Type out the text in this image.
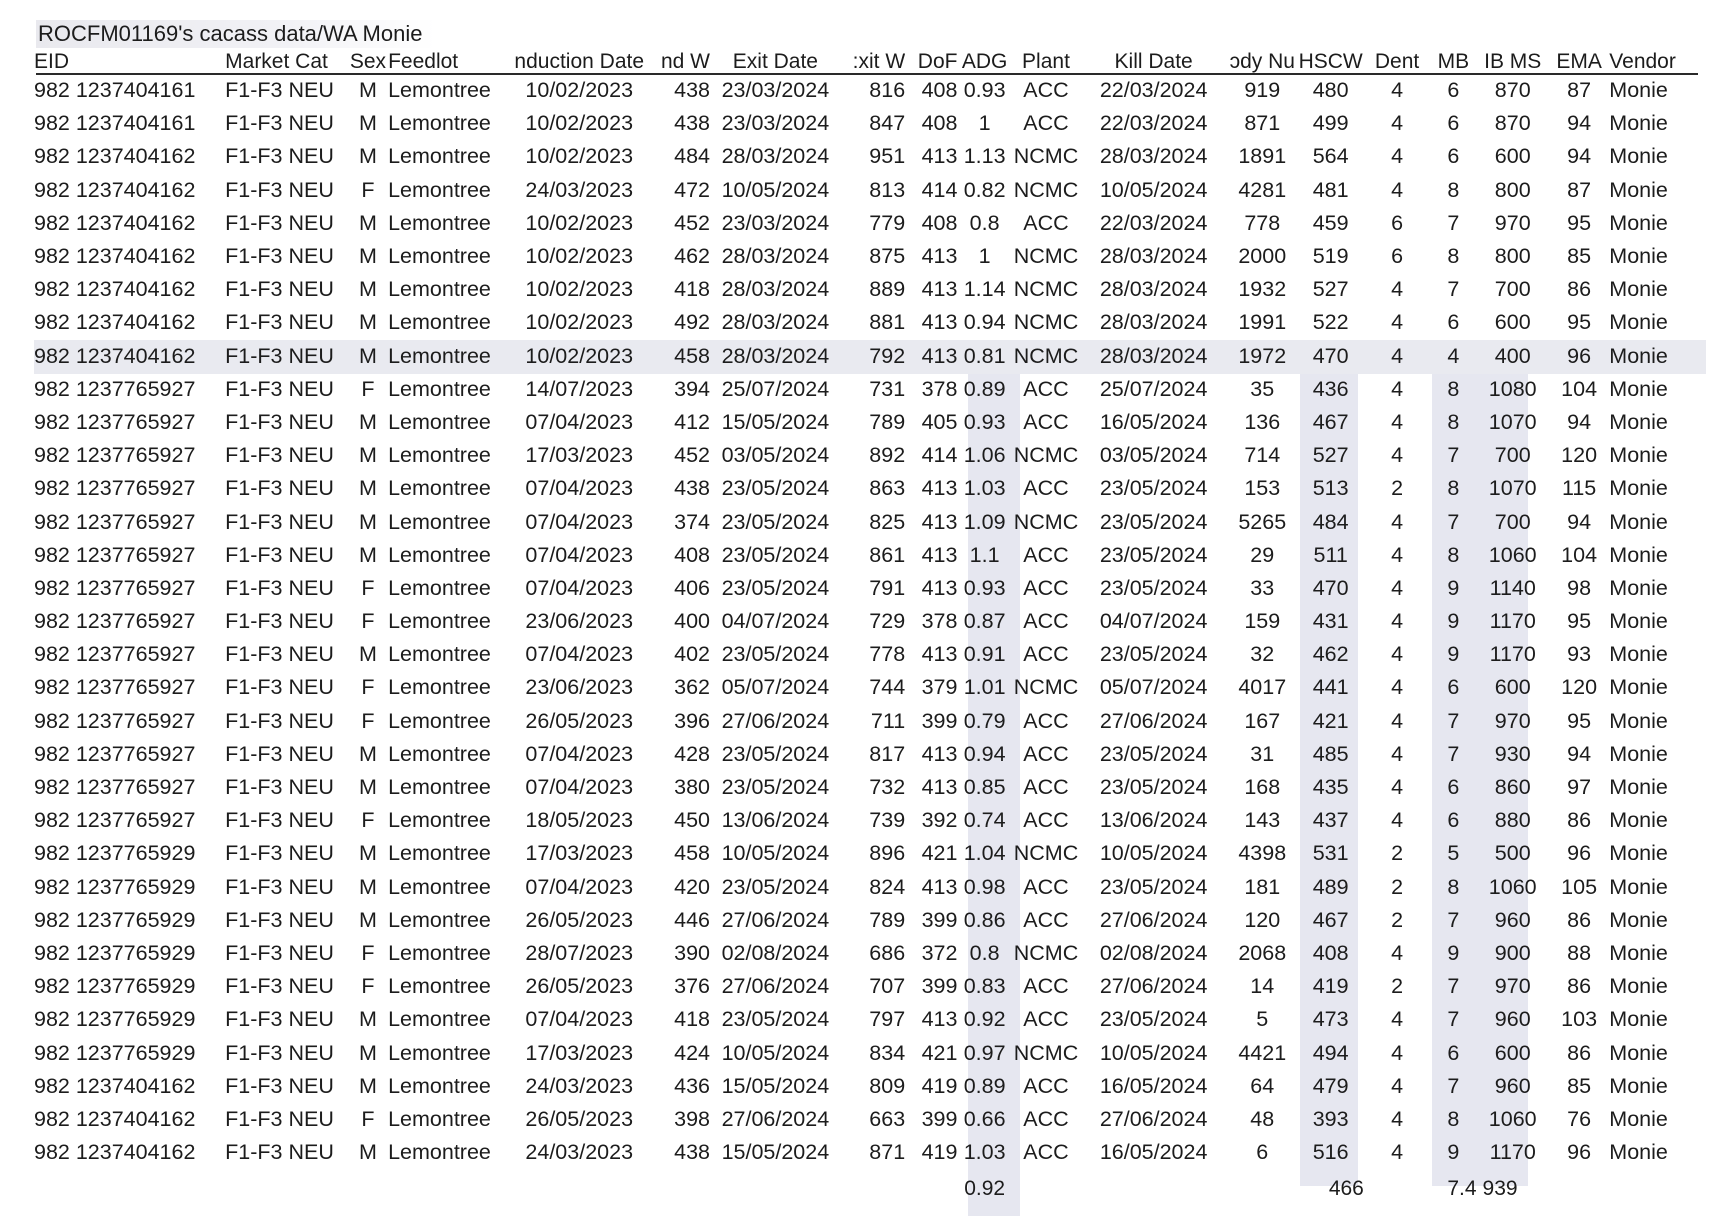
ROCFM01169's cacass data/WA Monie
EID	Market Cat	Sex	Feedlot	nduction Date	nd W	Exit Date	:xit W	DoF	ADG	Plant	Kill Date	ɔdy Nu	HSCW	Dent	MB	IB MS	EMA	Vendor
982 1237404161	F1-F3 NEU	M	Lemontree	10/02/2023	438	23/03/2024	816	408	0.93	ACC	22/03/2024	919	480	4	6	870	87	Monie
982 1237404161	F1-F3 NEU	M	Lemontree	10/02/2023	438	23/03/2024	847	408	1	ACC	22/03/2024	871	499	4	6	870	94	Monie
982 1237404162	F1-F3 NEU	M	Lemontree	10/02/2023	484	28/03/2024	951	413	1.13	NCMC	28/03/2024	1891	564	4	6	600	94	Monie
982 1237404162	F1-F3 NEU	F	Lemontree	24/03/2023	472	10/05/2024	813	414	0.82	NCMC	10/05/2024	4281	481	4	8	800	87	Monie
982 1237404162	F1-F3 NEU	M	Lemontree	10/02/2023	452	23/03/2024	779	408	0.8	ACC	22/03/2024	778	459	6	7	970	95	Monie
982 1237404162	F1-F3 NEU	M	Lemontree	10/02/2023	462	28/03/2024	875	413	1	NCMC	28/03/2024	2000	519	6	8	800	85	Monie
982 1237404162	F1-F3 NEU	M	Lemontree	10/02/2023	418	28/03/2024	889	413	1.14	NCMC	28/03/2024	1932	527	4	7	700	86	Monie
982 1237404162	F1-F3 NEU	M	Lemontree	10/02/2023	492	28/03/2024	881	413	0.94	NCMC	28/03/2024	1991	522	4	6	600	95	Monie
982 1237404162	F1-F3 NEU	M	Lemontree	10/02/2023	458	28/03/2024	792	413	0.81	NCMC	28/03/2024	1972	470	4	4	400	96	Monie
982 1237765927	F1-F3 NEU	F	Lemontree	14/07/2023	394	25/07/2024	731	378	0.89	ACC	25/07/2024	35	436	4	8	1080	104	Monie
982 1237765927	F1-F3 NEU	M	Lemontree	07/04/2023	412	15/05/2024	789	405	0.93	ACC	16/05/2024	136	467	4	8	1070	94	Monie
982 1237765927	F1-F3 NEU	M	Lemontree	17/03/2023	452	03/05/2024	892	414	1.06	NCMC	03/05/2024	714	527	4	7	700	120	Monie
982 1237765927	F1-F3 NEU	M	Lemontree	07/04/2023	438	23/05/2024	863	413	1.03	ACC	23/05/2024	153	513	2	8	1070	115	Monie
982 1237765927	F1-F3 NEU	M	Lemontree	07/04/2023	374	23/05/2024	825	413	1.09	NCMC	23/05/2024	5265	484	4	7	700	94	Monie
982 1237765927	F1-F3 NEU	M	Lemontree	07/04/2023	408	23/05/2024	861	413	1.1	ACC	23/05/2024	29	511	4	8	1060	104	Monie
982 1237765927	F1-F3 NEU	F	Lemontree	07/04/2023	406	23/05/2024	791	413	0.93	ACC	23/05/2024	33	470	4	9	1140	98	Monie
982 1237765927	F1-F3 NEU	F	Lemontree	23/06/2023	400	04/07/2024	729	378	0.87	ACC	04/07/2024	159	431	4	9	1170	95	Monie
982 1237765927	F1-F3 NEU	M	Lemontree	07/04/2023	402	23/05/2024	778	413	0.91	ACC	23/05/2024	32	462	4	9	1170	93	Monie
982 1237765927	F1-F3 NEU	F	Lemontree	23/06/2023	362	05/07/2024	744	379	1.01	NCMC	05/07/2024	4017	441	4	6	600	120	Monie
982 1237765927	F1-F3 NEU	F	Lemontree	26/05/2023	396	27/06/2024	711	399	0.79	ACC	27/06/2024	167	421	4	7	970	95	Monie
982 1237765927	F1-F3 NEU	M	Lemontree	07/04/2023	428	23/05/2024	817	413	0.94	ACC	23/05/2024	31	485	4	7	930	94	Monie
982 1237765927	F1-F3 NEU	M	Lemontree	07/04/2023	380	23/05/2024	732	413	0.85	ACC	23/05/2024	168	435	4	6	860	97	Monie
982 1237765927	F1-F3 NEU	F	Lemontree	18/05/2023	450	13/06/2024	739	392	0.74	ACC	13/06/2024	143	437	4	6	880	86	Monie
982 1237765929	F1-F3 NEU	M	Lemontree	17/03/2023	458	10/05/2024	896	421	1.04	NCMC	10/05/2024	4398	531	2	5	500	96	Monie
982 1237765929	F1-F3 NEU	M	Lemontree	07/04/2023	420	23/05/2024	824	413	0.98	ACC	23/05/2024	181	489	2	8	1060	105	Monie
982 1237765929	F1-F3 NEU	M	Lemontree	26/05/2023	446	27/06/2024	789	399	0.86	ACC	27/06/2024	120	467	2	7	960	86	Monie
982 1237765929	F1-F3 NEU	F	Lemontree	28/07/2023	390	02/08/2024	686	372	0.8	NCMC	02/08/2024	2068	408	4	9	900	88	Monie
982 1237765929	F1-F3 NEU	F	Lemontree	26/05/2023	376	27/06/2024	707	399	0.83	ACC	27/06/2024	14	419	2	7	970	86	Monie
982 1237765929	F1-F3 NEU	M	Lemontree	07/04/2023	418	23/05/2024	797	413	0.92	ACC	23/05/2024	5	473	4	7	960	103	Monie
982 1237765929	F1-F3 NEU	M	Lemontree	17/03/2023	424	10/05/2024	834	421	0.97	NCMC	10/05/2024	4421	494	4	6	600	86	Monie
982 1237404162	F1-F3 NEU	M	Lemontree	24/03/2023	436	15/05/2024	809	419	0.89	ACC	16/05/2024	64	479	4	7	960	85	Monie
982 1237404162	F1-F3 NEU	F	Lemontree	26/05/2023	398	27/06/2024	663	399	0.66	ACC	27/06/2024	48	393	4	8	1060	76	Monie
982 1237404162	F1-F3 NEU	M	Lemontree	24/03/2023	438	15/05/2024	871	419	1.03	ACC	16/05/2024	6	516	4	9	1170	96	Monie
									0.92				466		7.4	939		
